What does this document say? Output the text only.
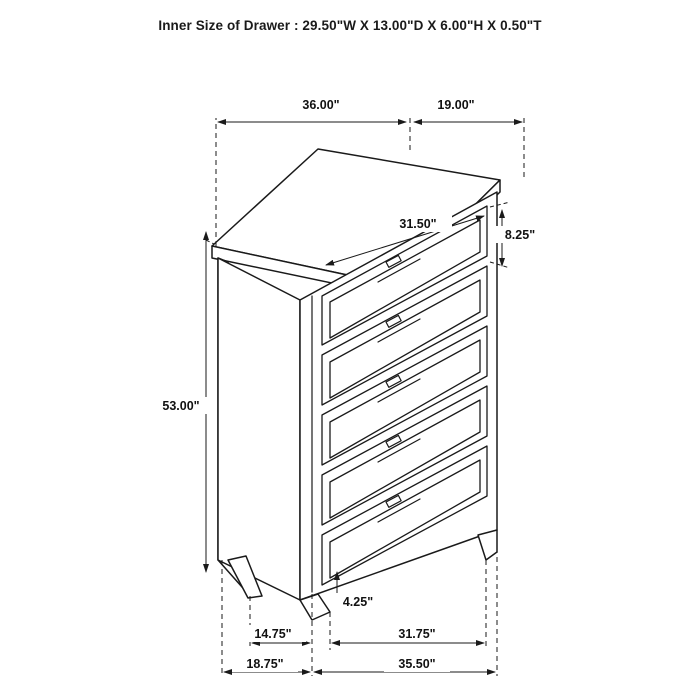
Inner Size of Drawer : 29.50"W X 13.00"D X 6.00"H X 0.50"T
36.00"	19.00"
31.50"
8.25"
53.00"
4.25"
14.75"	31.75"
18.75"	35.50"
